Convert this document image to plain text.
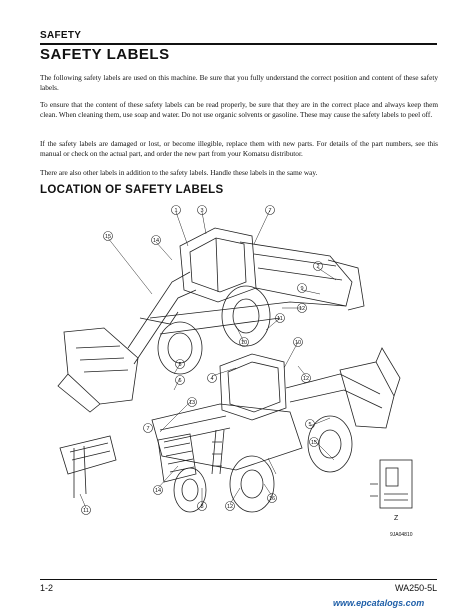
SAFETY
SAFETY LABELS

The following safety labels are used on this machine. Be sure that you fully understand the correct position and content of these safety labels.

To ensure that the content of these safety labels can be read properly, be sure that they are in the correct place and always keep them clean. When cleaning them, use soap and water. Do not use organic solvents or gasoline. These may cause the safety labels to peel off.

If the safety labels are damaged or lost, or become illegible, replace them with new parts. For details of the part numbers, see this manual or check on the actual part, and order the new part from your Komatsu distributor.

There are also other labels in addition to the safety labels. Handle these labels in the same way.

LOCATION OF SAFETY LABELS
1	3	7
15
14
2
9
12
11
10
5
6	4
10
13
12
7
15
14
8	12
16
5
11
Z
9JA04810
1-2	WA250-5L
www.epcatalogs.com
